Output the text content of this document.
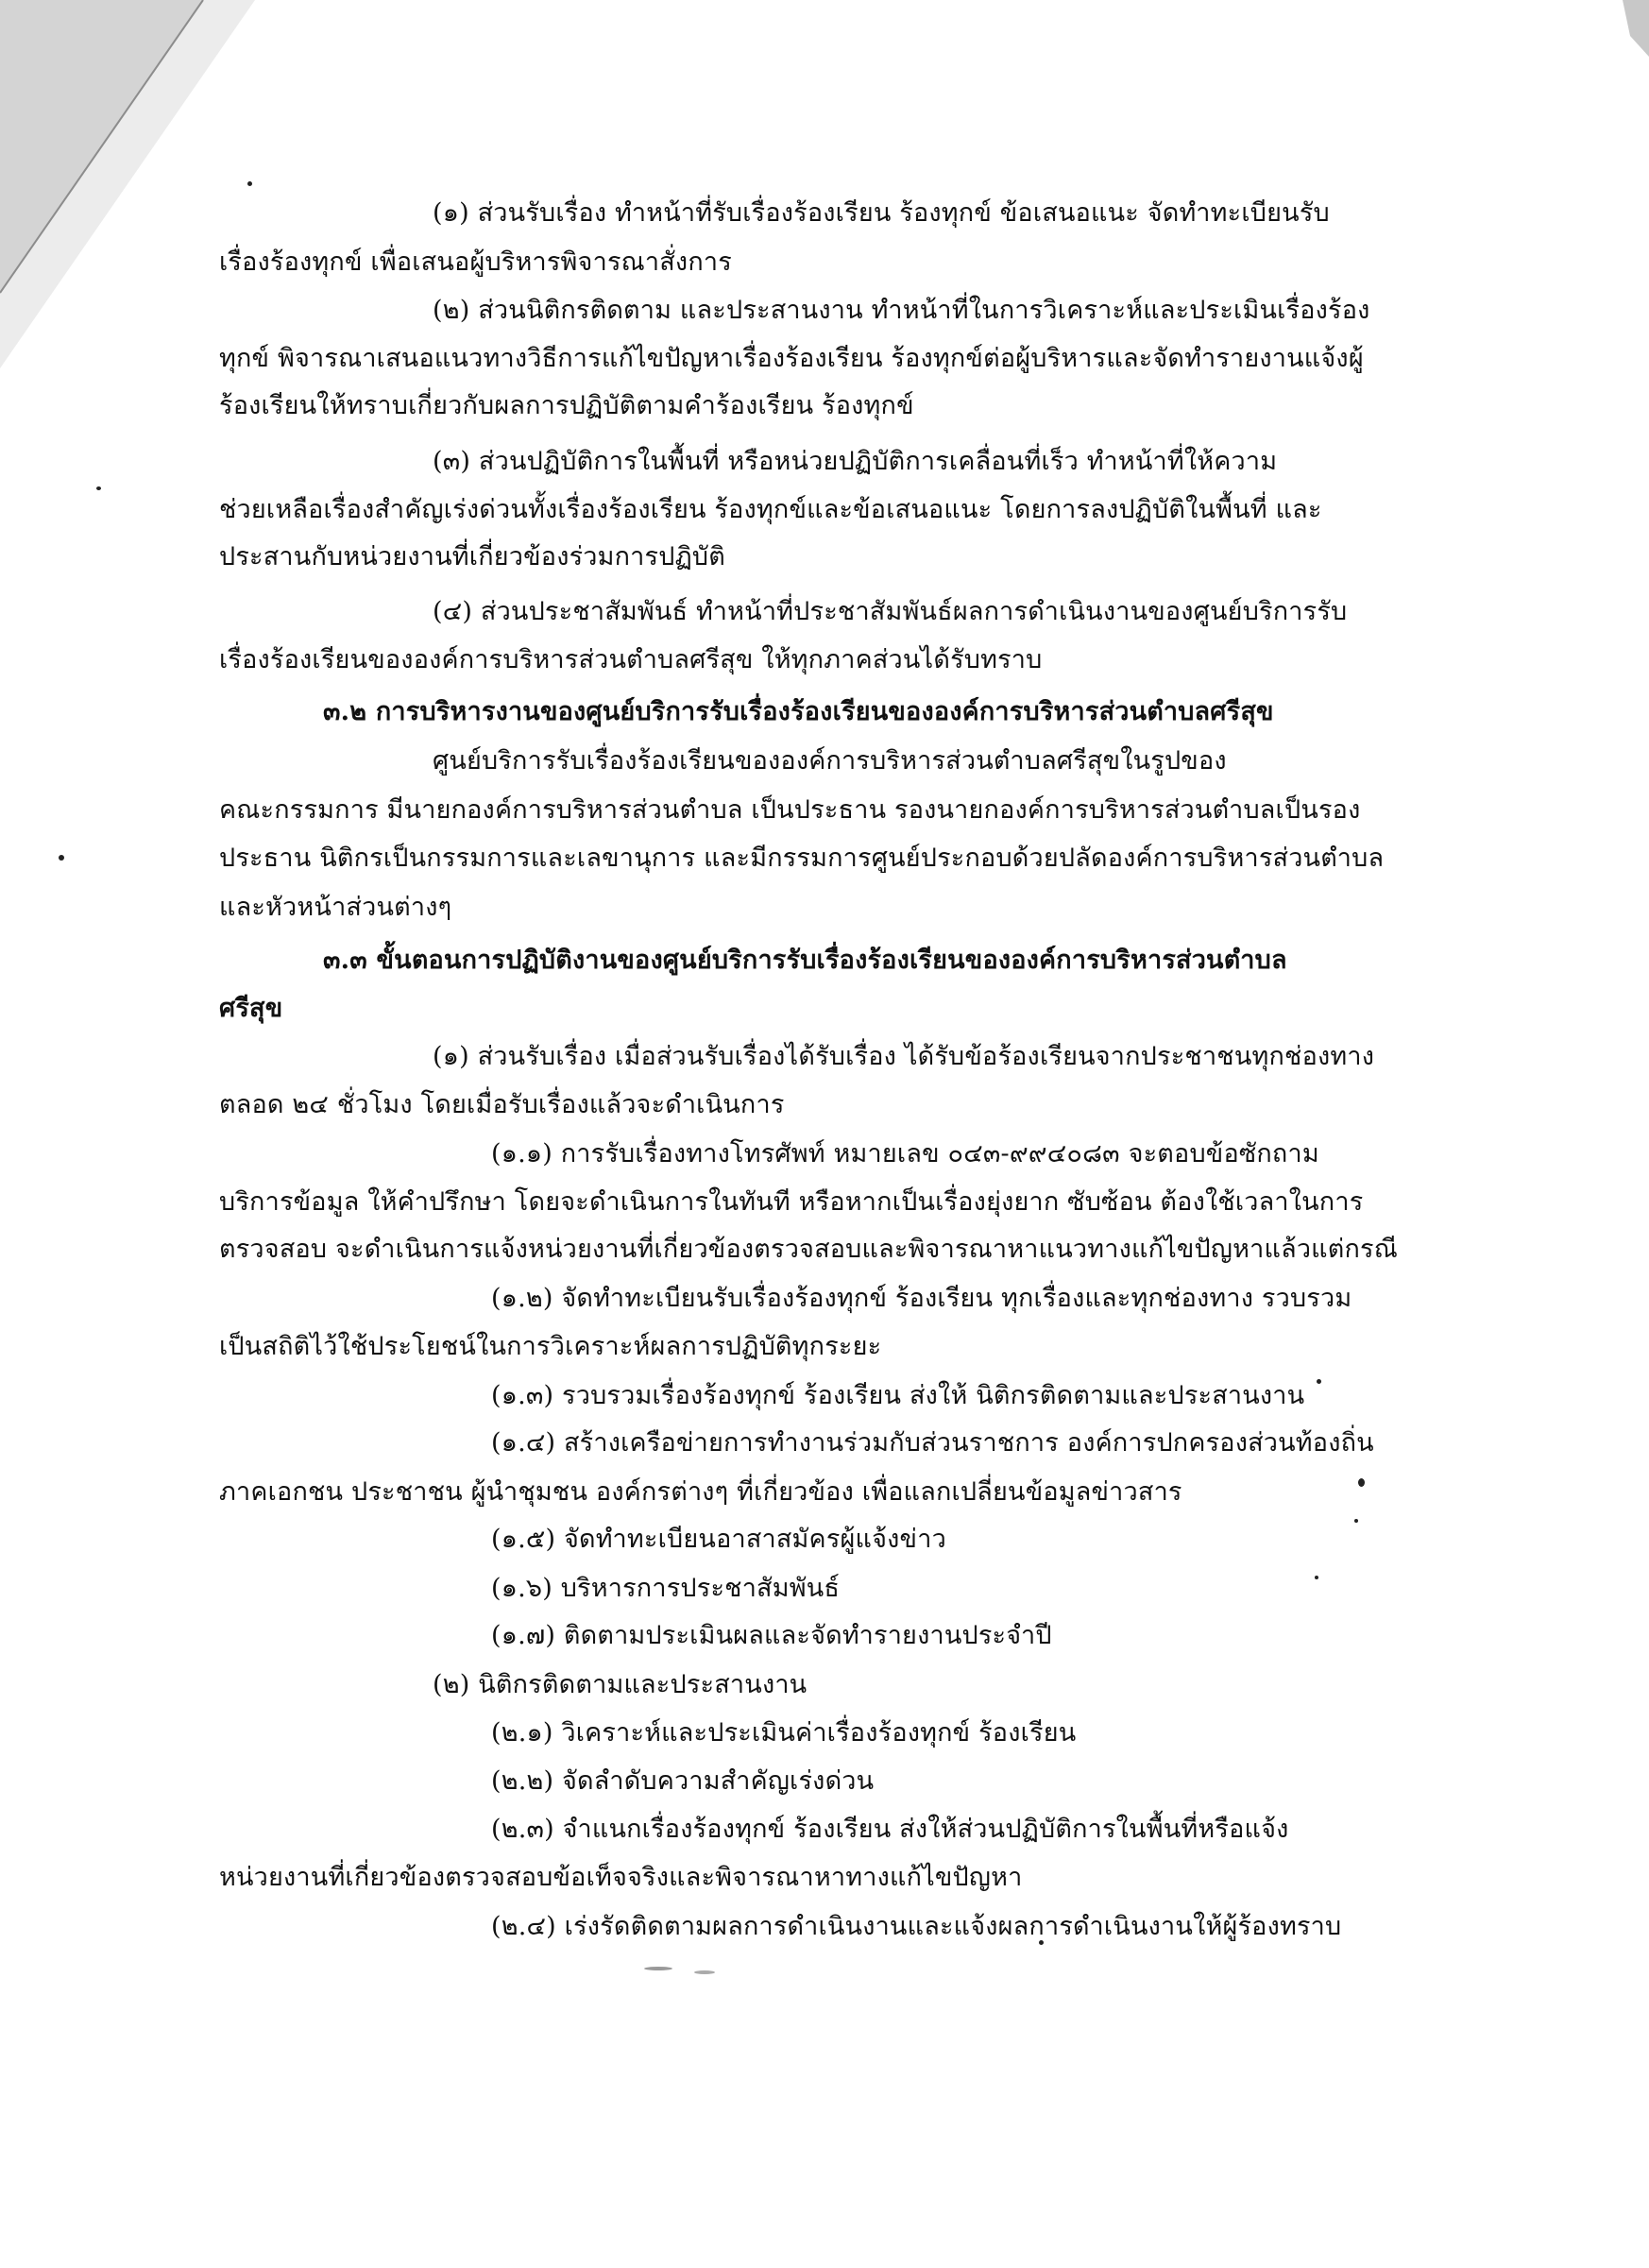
(๑) ส่วนรับเรื่อง ทำหน้าที่รับเรื่องร้องเรียน ร้องทุกข์ ข้อเสนอแนะ จัดทำทะเบียนรับ
เรื่องร้องทุกข์ เพื่อเสนอผู้บริหารพิจารณาสั่งการ
(๒) ส่วนนิติกรติดตาม และประสานงาน ทำหน้าที่ในการวิเคราะห์และประเมินเรื่องร้อง
ทุกข์ พิจารณาเสนอแนวทางวิธีการแก้ไขปัญหาเรื่องร้องเรียน ร้องทุกข์ต่อผู้บริหารและจัดทำรายงานแจ้งผู้
ร้องเรียนให้ทราบเกี่ยวกับผลการปฏิบัติตามคำร้องเรียน ร้องทุกข์
(๓) ส่วนปฏิบัติการในพื้นที่ หรือหน่วยปฏิบัติการเคลื่อนที่เร็ว ทำหน้าที่ให้ความ
ช่วยเหลือเรื่องสำคัญเร่งด่วนทั้งเรื่องร้องเรียน ร้องทุกข์และข้อเสนอแนะ โดยการลงปฏิบัติในพื้นที่ และ
ประสานกับหน่วยงานที่เกี่ยวข้องร่วมการปฏิบัติ
(๔) ส่วนประชาสัมพันธ์ ทำหน้าที่ประชาสัมพันธ์ผลการดำเนินงานของศูนย์บริการรับ
เรื่องร้องเรียนขององค์การบริหารส่วนตำบลศรีสุข ให้ทุกภาคส่วนได้รับทราบ
๓.๒ การบริหารงานของศูนย์บริการรับเรื่องร้องเรียนขององค์การบริหารส่วนตำบลศรีสุข
ศูนย์บริการรับเรื่องร้องเรียนขององค์การบริหารส่วนตำบลศรีสุขในรูปของ
คณะกรรมการ มีนายกองค์การบริหารส่วนตำบล เป็นประธาน รองนายกองค์การบริหารส่วนตำบลเป็นรอง
ประธาน นิติกรเป็นกรรมการและเลขานุการ และมีกรรมการศูนย์ประกอบด้วยปลัดองค์การบริหารส่วนตำบล
และหัวหน้าส่วนต่างๆ
๓.๓ ขั้นตอนการปฏิบัติงานของศูนย์บริการรับเรื่องร้องเรียนขององค์การบริหารส่วนตำบล
ศรีสุข
(๑) ส่วนรับเรื่อง เมื่อส่วนรับเรื่องได้รับเรื่อง ได้รับข้อร้องเรียนจากประชาชนทุกช่องทาง
ตลอด ๒๔ ชั่วโมง โดยเมื่อรับเรื่องแล้วจะดำเนินการ
(๑.๑) การรับเรื่องทางโทรศัพท์ หมายเลข ๐๔๓-๙๙๔๐๘๓ จะตอบข้อซักถาม
บริการข้อมูล ให้คำปรึกษา โดยจะดำเนินการในทันที หรือหากเป็นเรื่องยุ่งยาก ซับซ้อน ต้องใช้เวลาในการ
ตรวจสอบ จะดำเนินการแจ้งหน่วยงานที่เกี่ยวข้องตรวจสอบและพิจารณาหาแนวทางแก้ไขปัญหาแล้วแต่กรณี
(๑.๒) จัดทำทะเบียนรับเรื่องร้องทุกข์ ร้องเรียน ทุกเรื่องและทุกช่องทาง รวบรวม
เป็นสถิติไว้ใช้ประโยชน์ในการวิเคราะห์ผลการปฏิบัติทุกระยะ
(๑.๓) รวบรวมเรื่องร้องทุกข์ ร้องเรียน ส่งให้ นิติกรติดตามและประสานงาน
(๑.๔) สร้างเครือข่ายการทำงานร่วมกับส่วนราชการ องค์การปกครองส่วนท้องถิ่น
ภาคเอกชน ประชาชน ผู้นำชุมชน องค์กรต่างๆ ที่เกี่ยวข้อง เพื่อแลกเปลี่ยนข้อมูลข่าวสาร
(๑.๕) จัดทำทะเบียนอาสาสมัครผู้แจ้งข่าว
(๑.๖) บริหารการประชาสัมพันธ์
(๑.๗) ติดตามประเมินผลและจัดทำรายงานประจำปี
(๒) นิติกรติดตามและประสานงาน
(๒.๑) วิเคราะห์และประเมินค่าเรื่องร้องทุกข์ ร้องเรียน
(๒.๒) จัดลำดับความสำคัญเร่งด่วน
(๒.๓) จำแนกเรื่องร้องทุกข์ ร้องเรียน ส่งให้ส่วนปฏิบัติการในพื้นที่หรือแจ้ง
หน่วยงานที่เกี่ยวข้องตรวจสอบข้อเท็จจริงและพิจารณาหาทางแก้ไขปัญหา
(๒.๔) เร่งรัดติดตามผลการดำเนินงานและแจ้งผลการดำเนินงานให้ผู้ร้องทราบ
